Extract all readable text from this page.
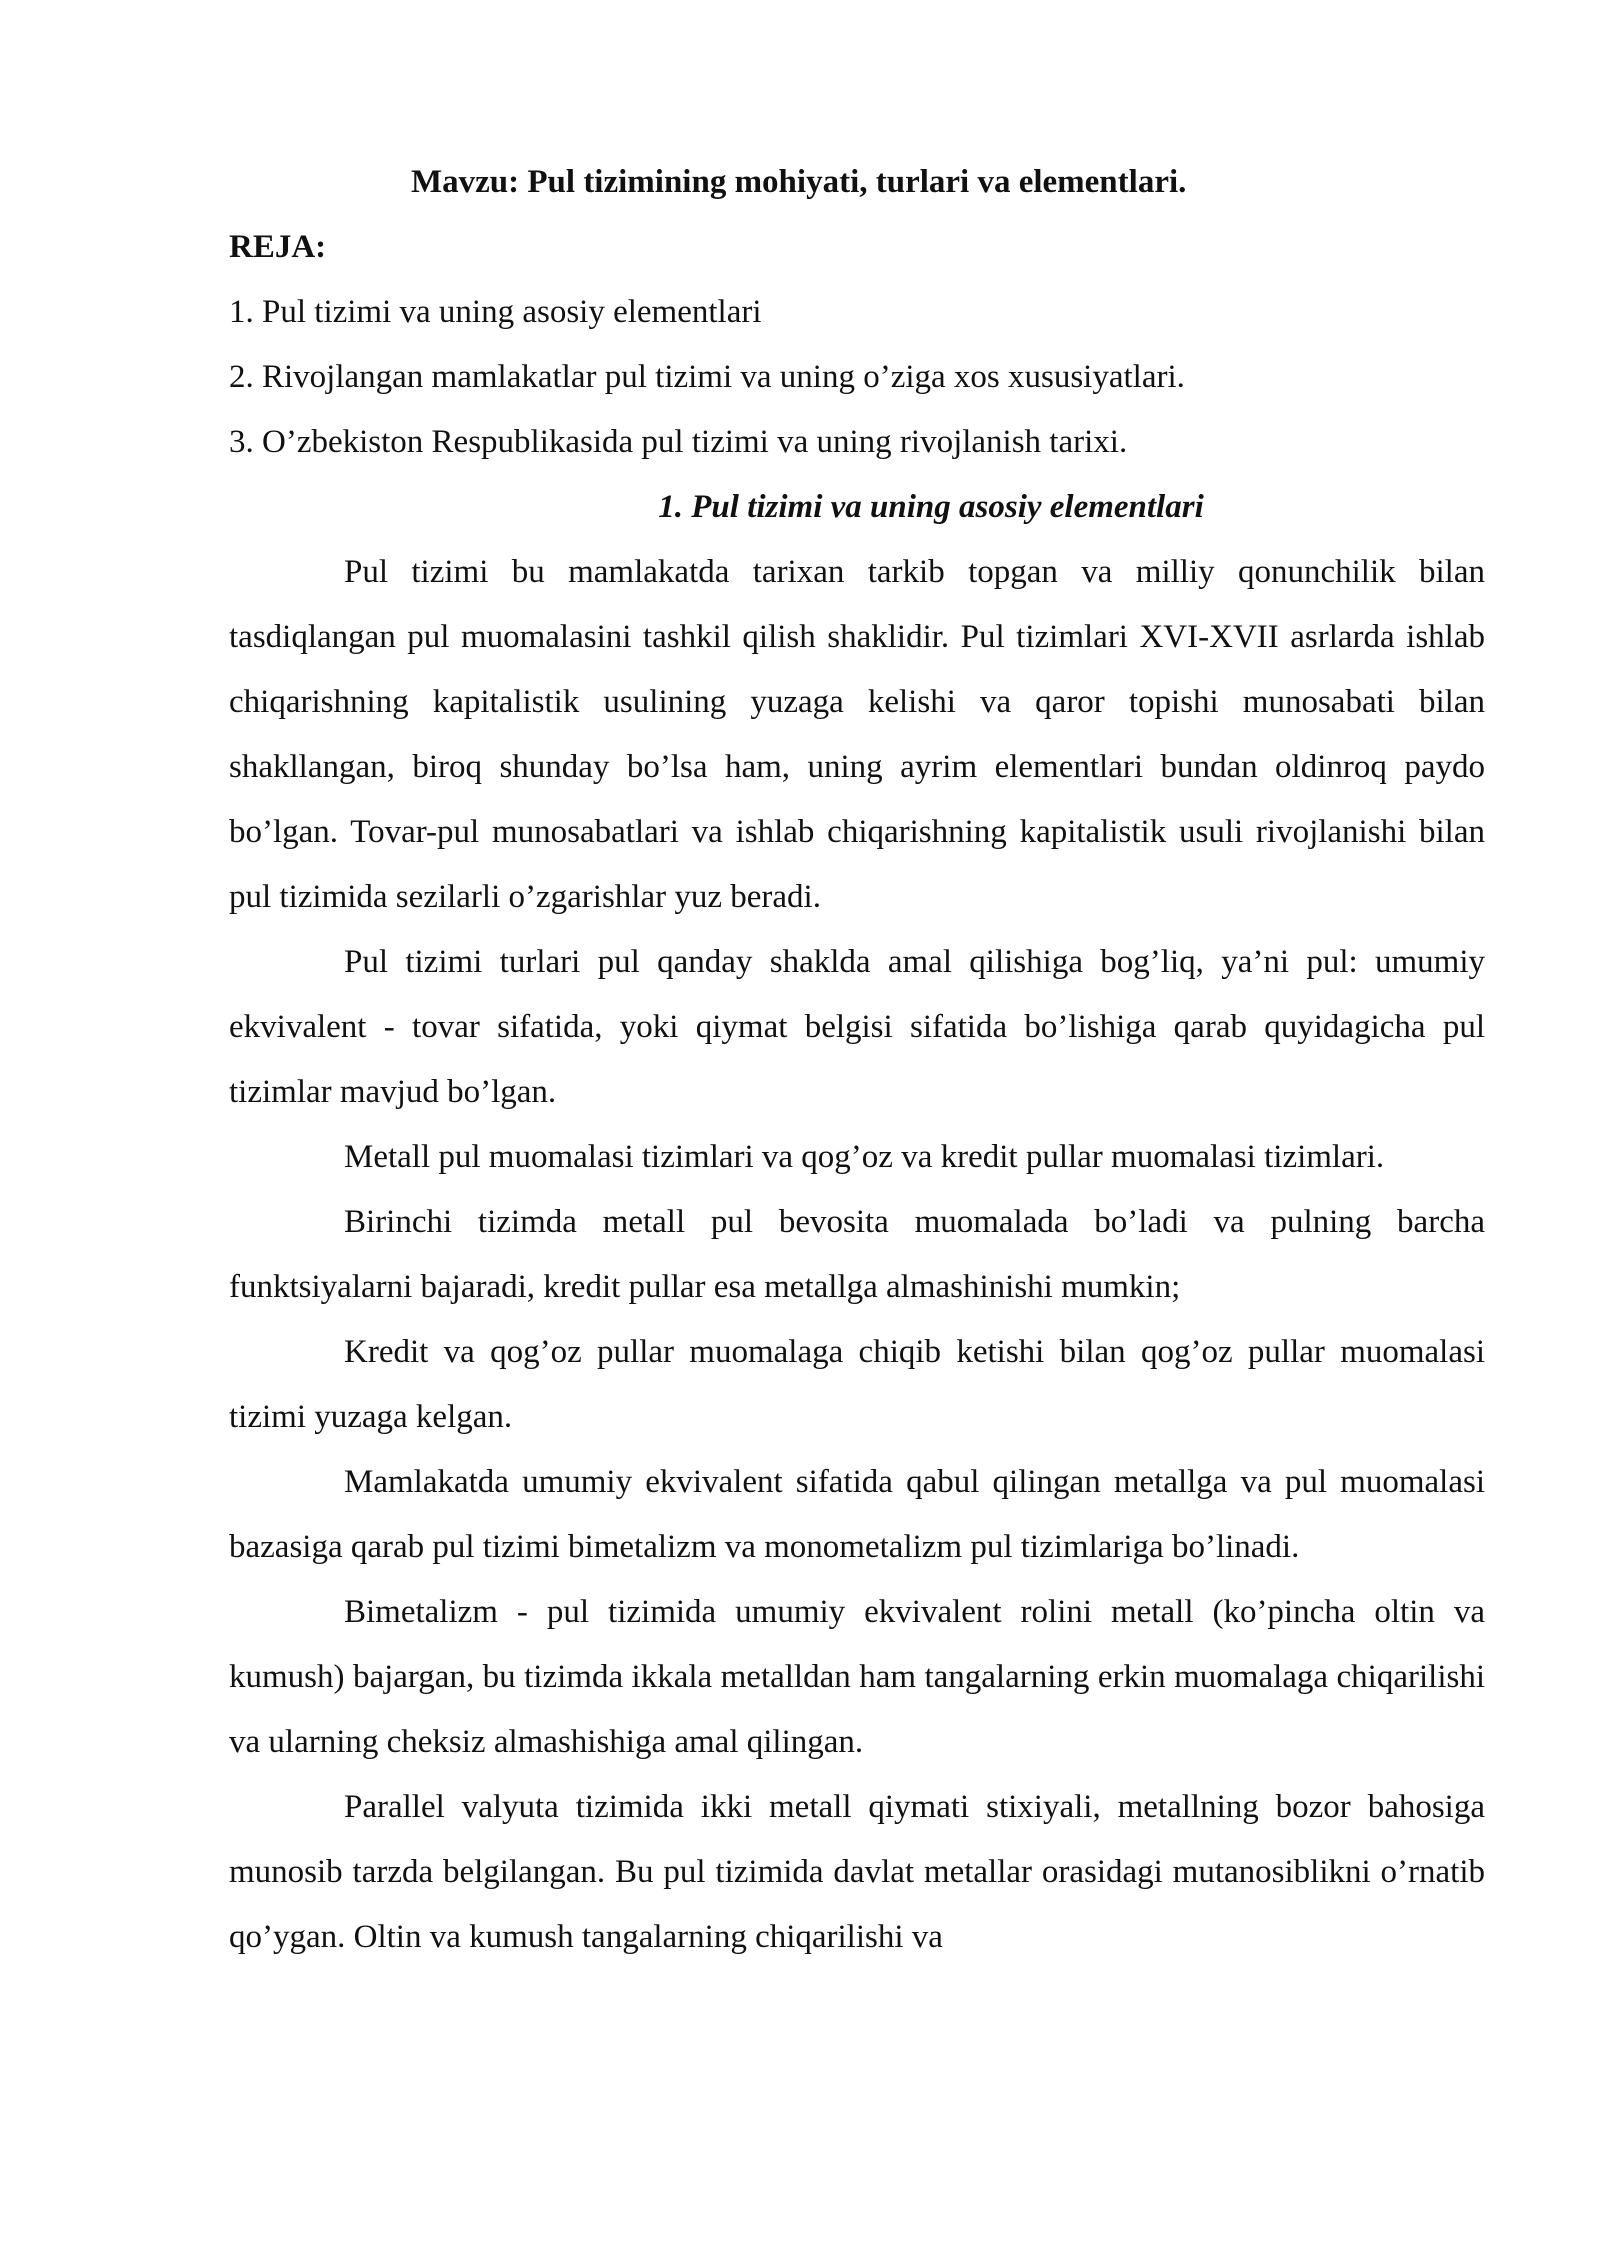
Mavzu: Pul tizimining mohiyati, turlari va elementlari.

REJA:

1. Pul tizimi va uning asosiy elementlari

2. Rivojlangan mamlakatlar pul tizimi va uning o’ziga xos xususiyatlari.

3. O’zbekiston Respublikasida pul tizimi va uning rivojlanish tarixi.

1. Pul tizimi va uning asosiy elementlari

Pul tizimi bu mamlakatda tarixan tarkib topgan va milliy qonunchilik bilan tasdiqlangan pul muomalasini tashkil qilish shaklidir. Pul tizimlari XVI-XVII asrlarda ishlab chiqarishning kapitalistik usulining yuzaga kelishi va qaror topishi munosabati bilan shakllangan, biroq shunday bo’lsa ham, uning ayrim elementlari bundan oldinroq paydo bo’lgan. Tovar-pul munosabatlari va ishlab chiqarishning kapitalistik usuli rivojlanishi bilan pul tizimida sezilarli o’zgarishlar yuz beradi.

Pul tizimi turlari pul qanday shaklda amal qilishiga bog’liq, ya’ni pul: umumiy ekvivalent - tovar sifatida, yoki qiymat belgisi sifatida bo’lishiga qarab quyidagicha pul tizimlar mavjud bo’lgan.

Metall pul muomalasi tizimlari va qog’oz va kredit pullar muomalasi tizimlari.

Birinchi tizimda metall pul bevosita muomalada bo’ladi va pulning barcha funktsiyalarni bajaradi, kredit pullar esa metallga almashinishi mumkin;

Kredit va qog’oz pullar muomalaga chiqib ketishi bilan qog’oz pullar muomalasi tizimi yuzaga kelgan.

Mamlakatda umumiy ekvivalent sifatida qabul qilingan metallga va pul muomalasi bazasiga qarab pul tizimi bimetalizm va monometalizm pul tizimlariga bo’linadi.

Bimetalizm - pul tizimida umumiy ekvivalent rolini metall (ko’pincha oltin va kumush) bajargan, bu tizimda ikkala metalldan ham tangalarning erkin muomalaga chiqarilishi va ularning cheksiz almashishiga amal qilingan.

Parallel valyuta tizimida ikki metall qiymati stixiyali, metallning bozor bahosiga munosib tarzda belgilangan. Bu pul tizimida davlat metallar orasidagi mutanosiblikni o’rnatib qo’ygan. Oltin va kumush tangalarning chiqarilishi va
